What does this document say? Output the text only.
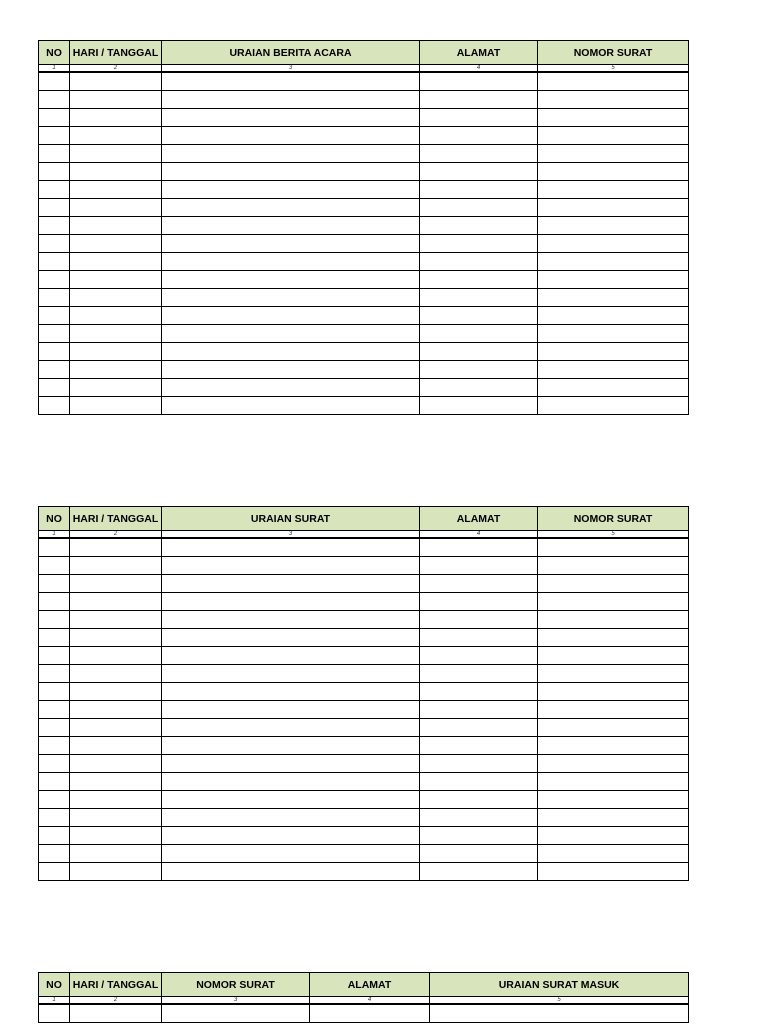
NO	HARI / TANGGAL	URAIAN BERITA ACARA	ALAMAT	NOMOR SURAT
1	2	3	4	5

NO	HARI / TANGGAL	URAIAN SURAT	ALAMAT	NOMOR SURAT
1	2	3	4	5

NO	HARI / TANGGAL	NOMOR SURAT	ALAMAT	URAIAN SURAT MASUK
1	2	3	4	5
